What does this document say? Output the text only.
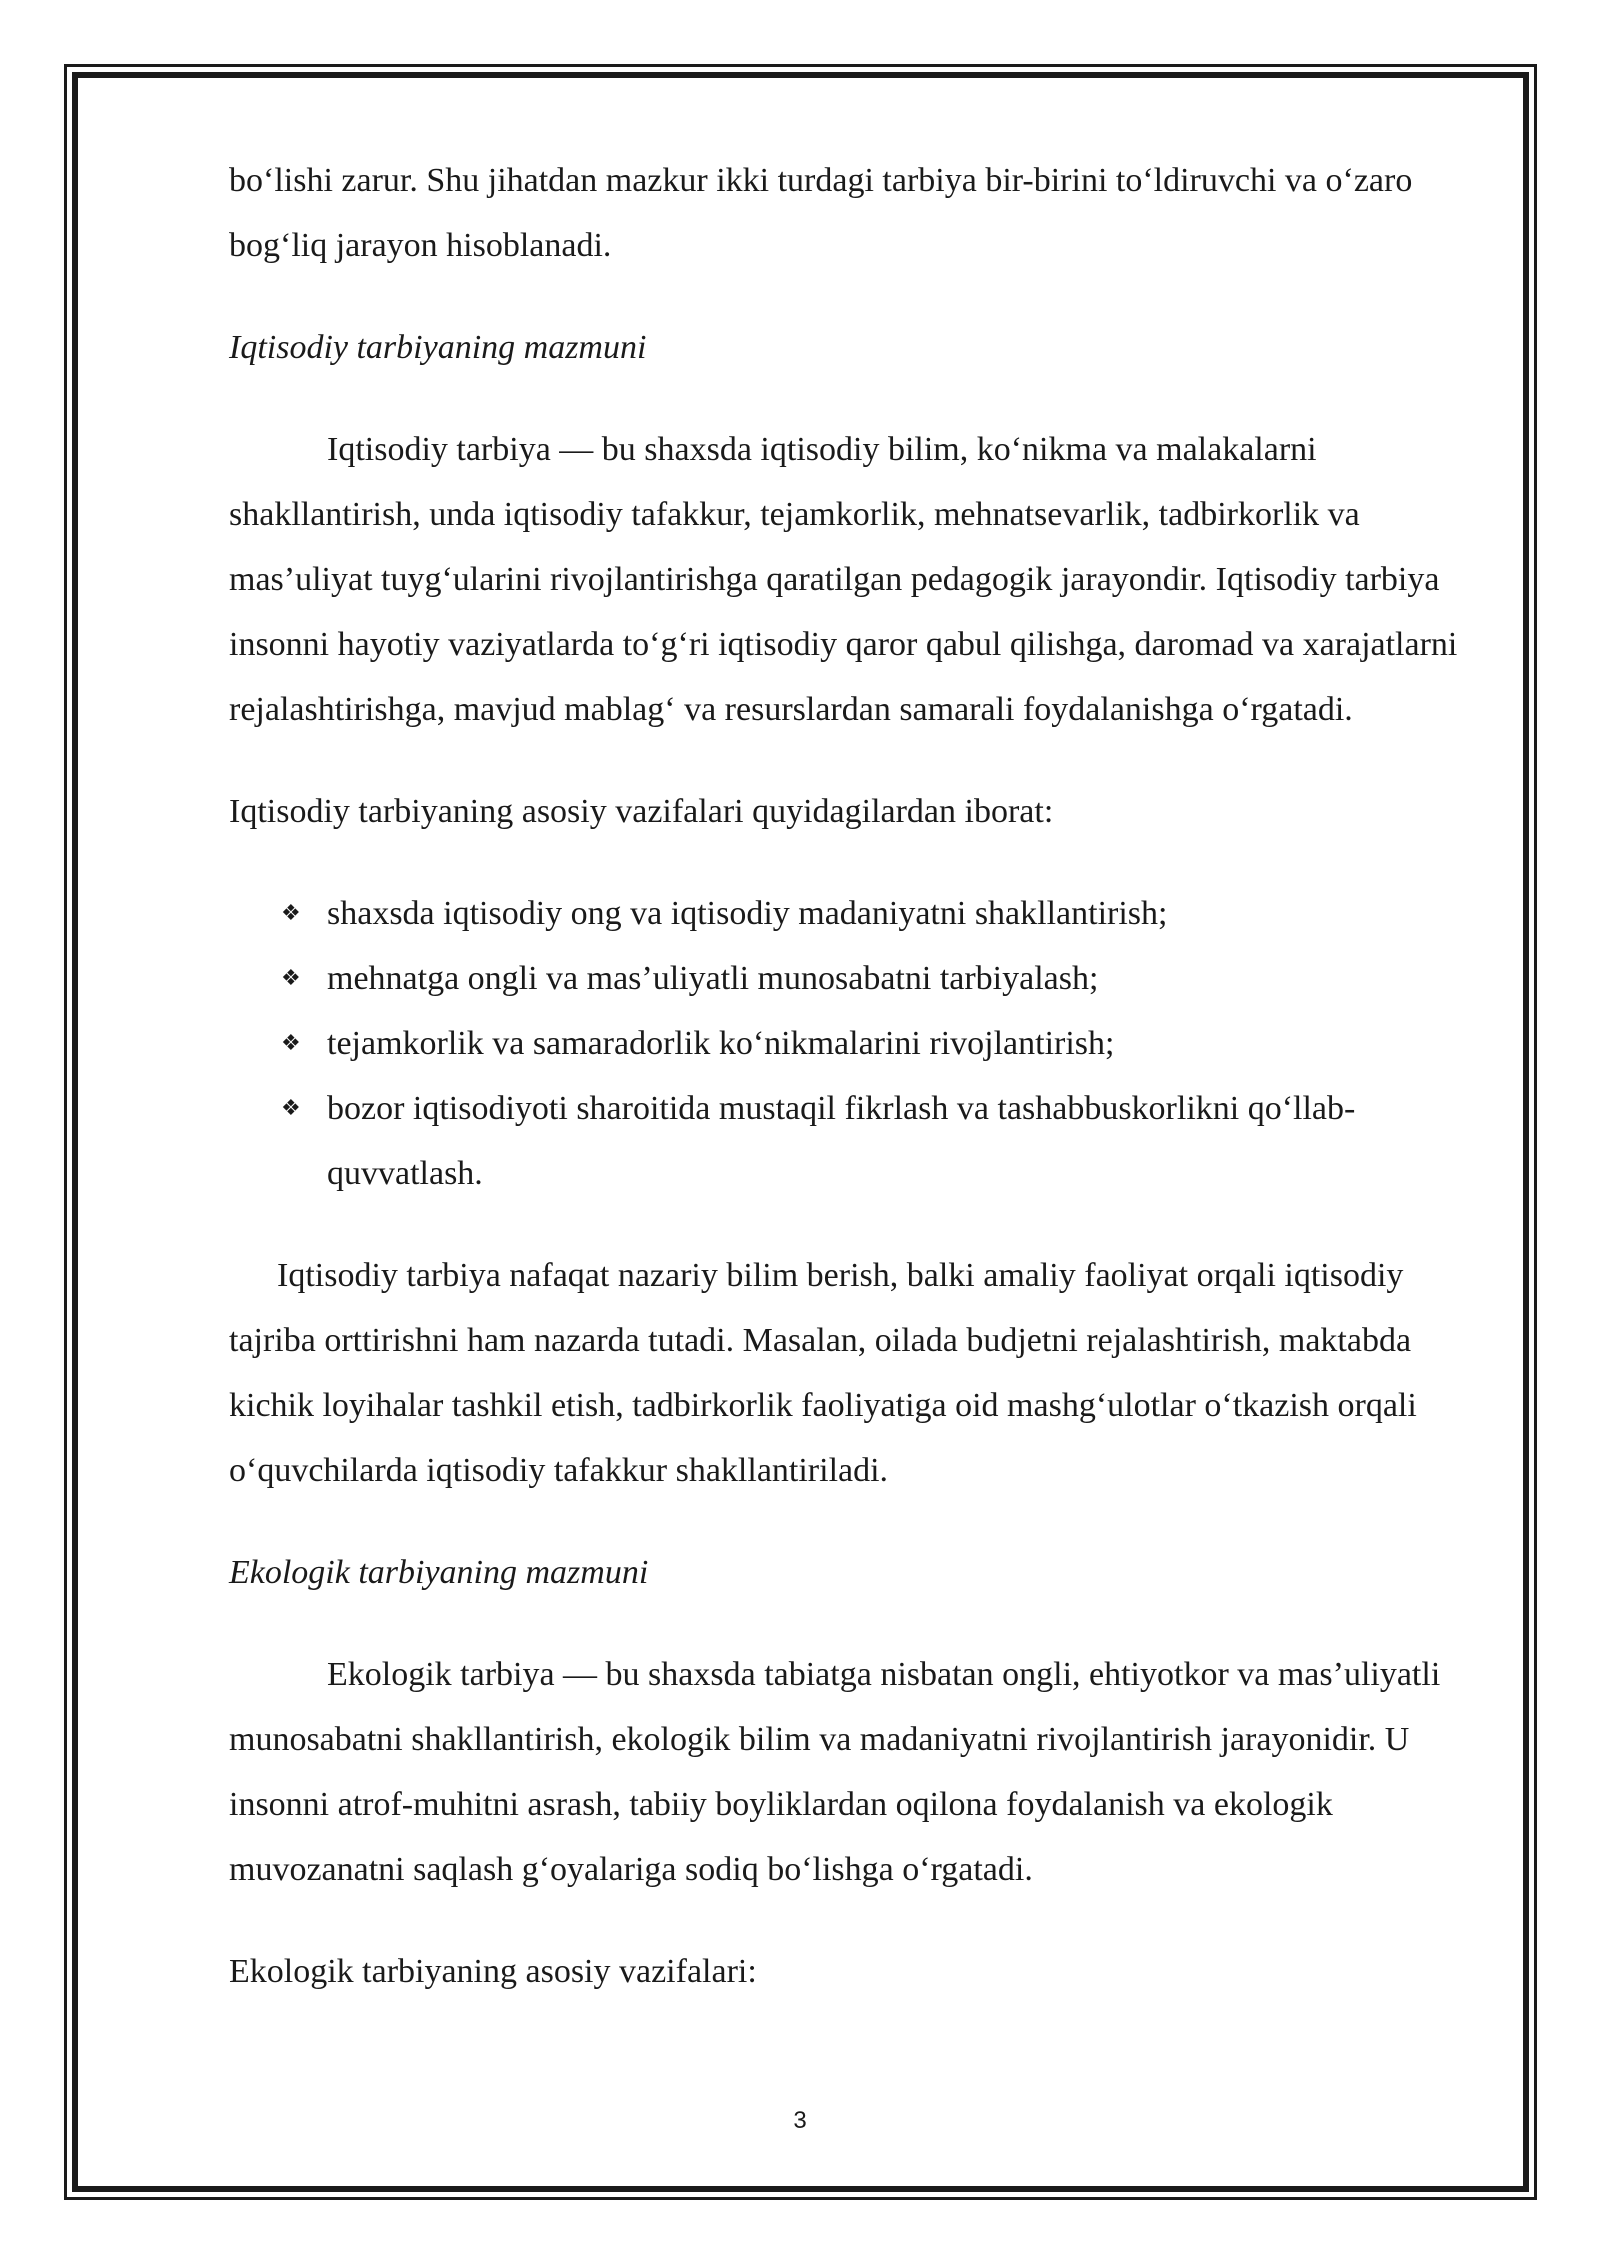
bo‘lishi zarur. Shu jihatdan mazkur ikki turdagi tarbiya bir-birini to‘ldiruvchi va o‘zaro bog‘liq jarayon hisoblanadi.

Iqtisodiy tarbiyaning mazmuni

Iqtisodiy tarbiya — bu shaxsda iqtisodiy bilim, ko‘nikma va malakalarni shakllantirish, unda iqtisodiy tafakkur, tejamkorlik, mehnatsevarlik, tadbirkorlik va mas’uliyat tuyg‘ularini rivojlantirishga qaratilgan pedagogik jarayondir. Iqtisodiy tarbiya insonni hayotiy vaziyatlarda to‘g‘ri iqtisodiy qaror qabul qilishga, daromad va xarajatlarni rejalashtirishga, mavjud mablag‘ va resurslardan samarali foydalanishga o‘rgatadi.

Iqtisodiy tarbiyaning asosiy vazifalari quyidagilardan iborat:

❖ shaxsda iqtisodiy ong va iqtisodiy madaniyatni shakllantirish;
❖ mehnatga ongli va mas’uliyatli munosabatni tarbiyalash;
❖ tejamkorlik va samaradorlik ko‘nikmalarini rivojlantirish;
❖ bozor iqtisodiyoti sharoitida mustaqil fikrlash va tashabbuskorlikni qo‘llab-quvvatlash.

Iqtisodiy tarbiya nafaqat nazariy bilim berish, balki amaliy faoliyat orqali iqtisodiy tajriba orttirishni ham nazarda tutadi. Masalan, oilada budjetni rejalashtirish, maktabda kichik loyihalar tashkil etish, tadbirkorlik faoliyatiga oid mashg‘ulotlar o‘tkazish orqali o‘quvchilarda iqtisodiy tafakkur shakllantiriladi.

Ekologik tarbiyaning mazmuni

Ekologik tarbiya — bu shaxsda tabiatga nisbatan ongli, ehtiyotkor va mas’uliyatli munosabatni shakllantirish, ekologik bilim va madaniyatni rivojlantirish jarayonidir. U insonni atrof-muhitni asrash, tabiiy boyliklardan oqilona foydalanish va ekologik muvozanatni saqlash g‘oyalariga sodiq bo‘lishga o‘rgatadi.

Ekologik tarbiyaning asosiy vazifalari:

3
